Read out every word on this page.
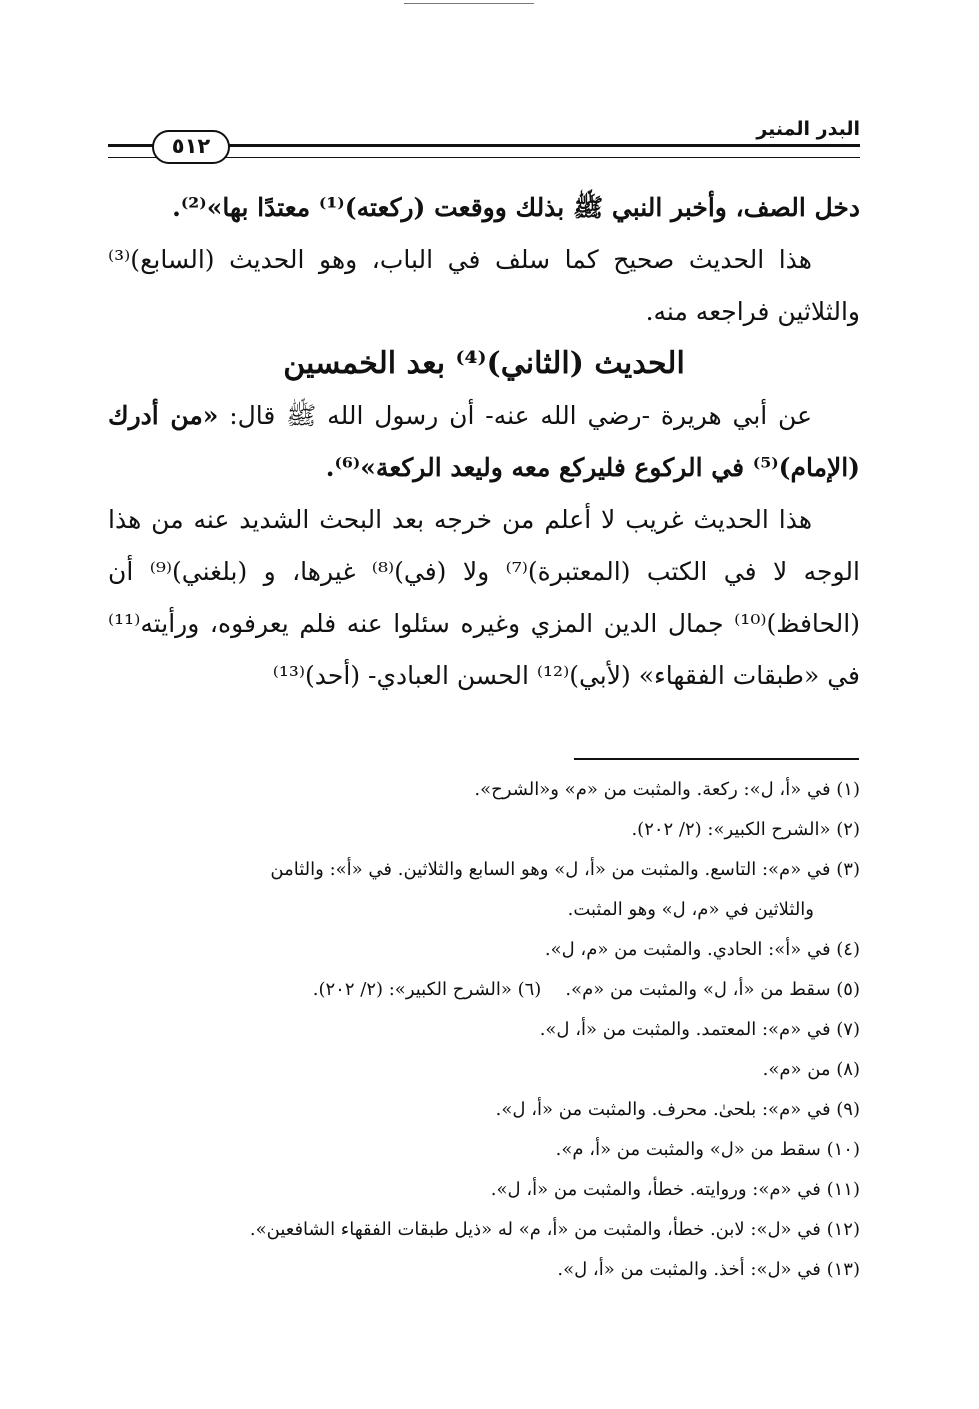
البدر المنير
٥١٢

دخل الصف، وأخبر النبي ﷺ بذلك ووقعت (ركعته)⁽¹⁾ معتدًا بها»⁽²⁾.

هذا الحديث صحيح كما سلف في الباب، وهو الحديث (السابع)⁽³⁾ والثلاثين فراجعه منه.

الحديث (الثاني)⁽⁴⁾ بعد الخمسين

عن أبي هريرة -رضي الله عنه- أن رسول الله ﷺ قال: «من أدرك (الإمام)⁽⁵⁾ في الركوع فليركع معه وليعد الركعة»⁽⁶⁾.

هذا الحديث غريب لا أعلم من خرجه بعد البحث الشديد عنه من هذا الوجه لا في الكتب (المعتبرة)⁽⁷⁾ ولا (في)⁽⁸⁾ غيرها، و (بلغني)⁽⁹⁾ أن (الحافظ)⁽¹⁰⁾ جمال الدين المزي وغيره سئلوا عنه فلم يعرفوه، ورأيته⁽¹¹⁾ في «طبقات الفقهاء» (لأبي)⁽¹²⁾ الحسن العبادي- (أحد)⁽¹³⁾

(١) في «أ، ل»: ركعة. والمثبت من «م» و«الشرح».

(٢) «الشرح الكبير»: (٢/ ٢٠٢).

(٣) في «م»: التاسع. والمثبت من «أ، ل» وهو السابع والثلاثين. في «أ»: والثامن

والثلاثين في «م، ل» وهو المثبت.

(٤) في «أ»: الحادي. والمثبت من «م، ل».

(٥) سقط من «أ، ل» والمثبت من «م».(٦) «الشرح الكبير»: (٢/ ٢٠٢).

(٧) في «م»: المعتمد. والمثبت من «أ، ل».

(٨) من «م».

(٩) في «م»: بلحىٰ. محرف. والمثبت من «أ، ل».

(١٠) سقط من «ل» والمثبت من «أ، م».

(١١) في «م»: وروايته. خطأ، والمثبت من «أ، ل».

(١٢) في «ل»: لابن. خطأ، والمثبت من «أ، م» له «ذيل طبقات الفقهاء الشافعين».

(١٣) في «ل»: أخذ. والمثبت من «أ، ل».
